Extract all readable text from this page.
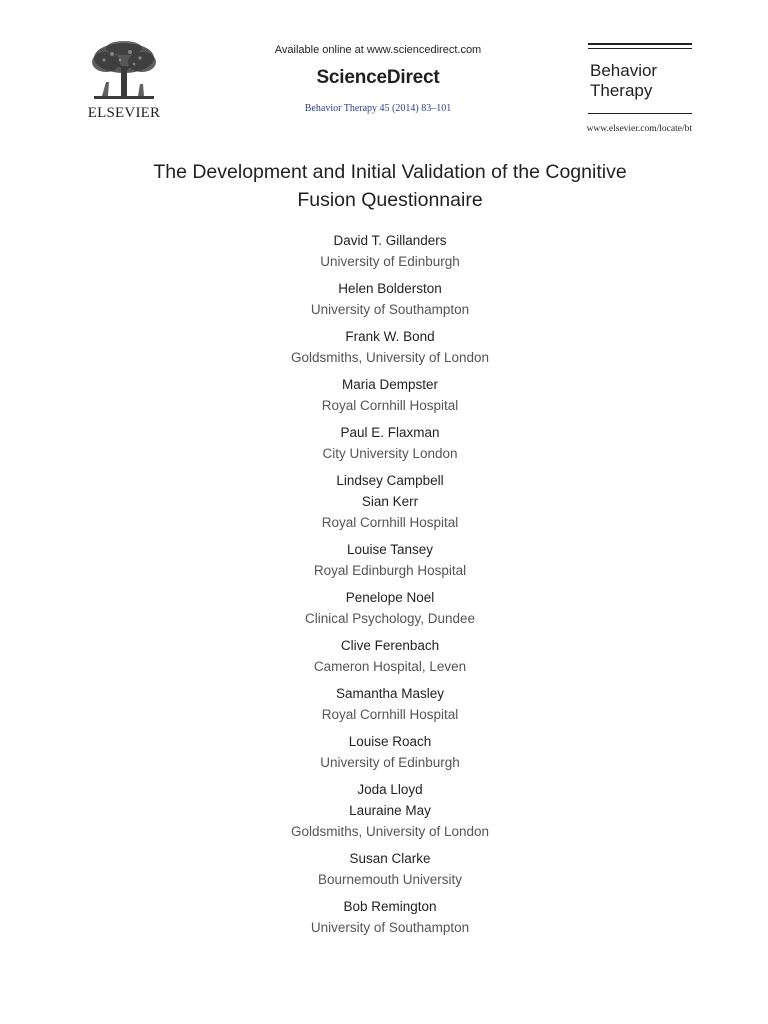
ELSEVIER
Available online at www.sciencedirect.com
ScienceDirect
Behavior Therapy 45 (2014) 83–101
Behavior
Therapy
www.elsevier.com/locate/bt
The Development and Initial Validation of the Cognitive
Fusion Questionnaire
David T. Gillanders
University of Edinburgh
Helen Bolderston
University of Southampton
Frank W. Bond
Goldsmiths, University of London
Maria Dempster
Royal Cornhill Hospital
Paul E. Flaxman
City University London
Lindsey Campbell
Sian Kerr
Royal Cornhill Hospital
Louise Tansey
Royal Edinburgh Hospital
Penelope Noel
Clinical Psychology, Dundee
Clive Ferenbach
Cameron Hospital, Leven
Samantha Masley
Royal Cornhill Hospital
Louise Roach
University of Edinburgh
Joda Lloyd
Lauraine May
Goldsmiths, University of London
Susan Clarke
Bournemouth University
Bob Remington
University of Southampton
